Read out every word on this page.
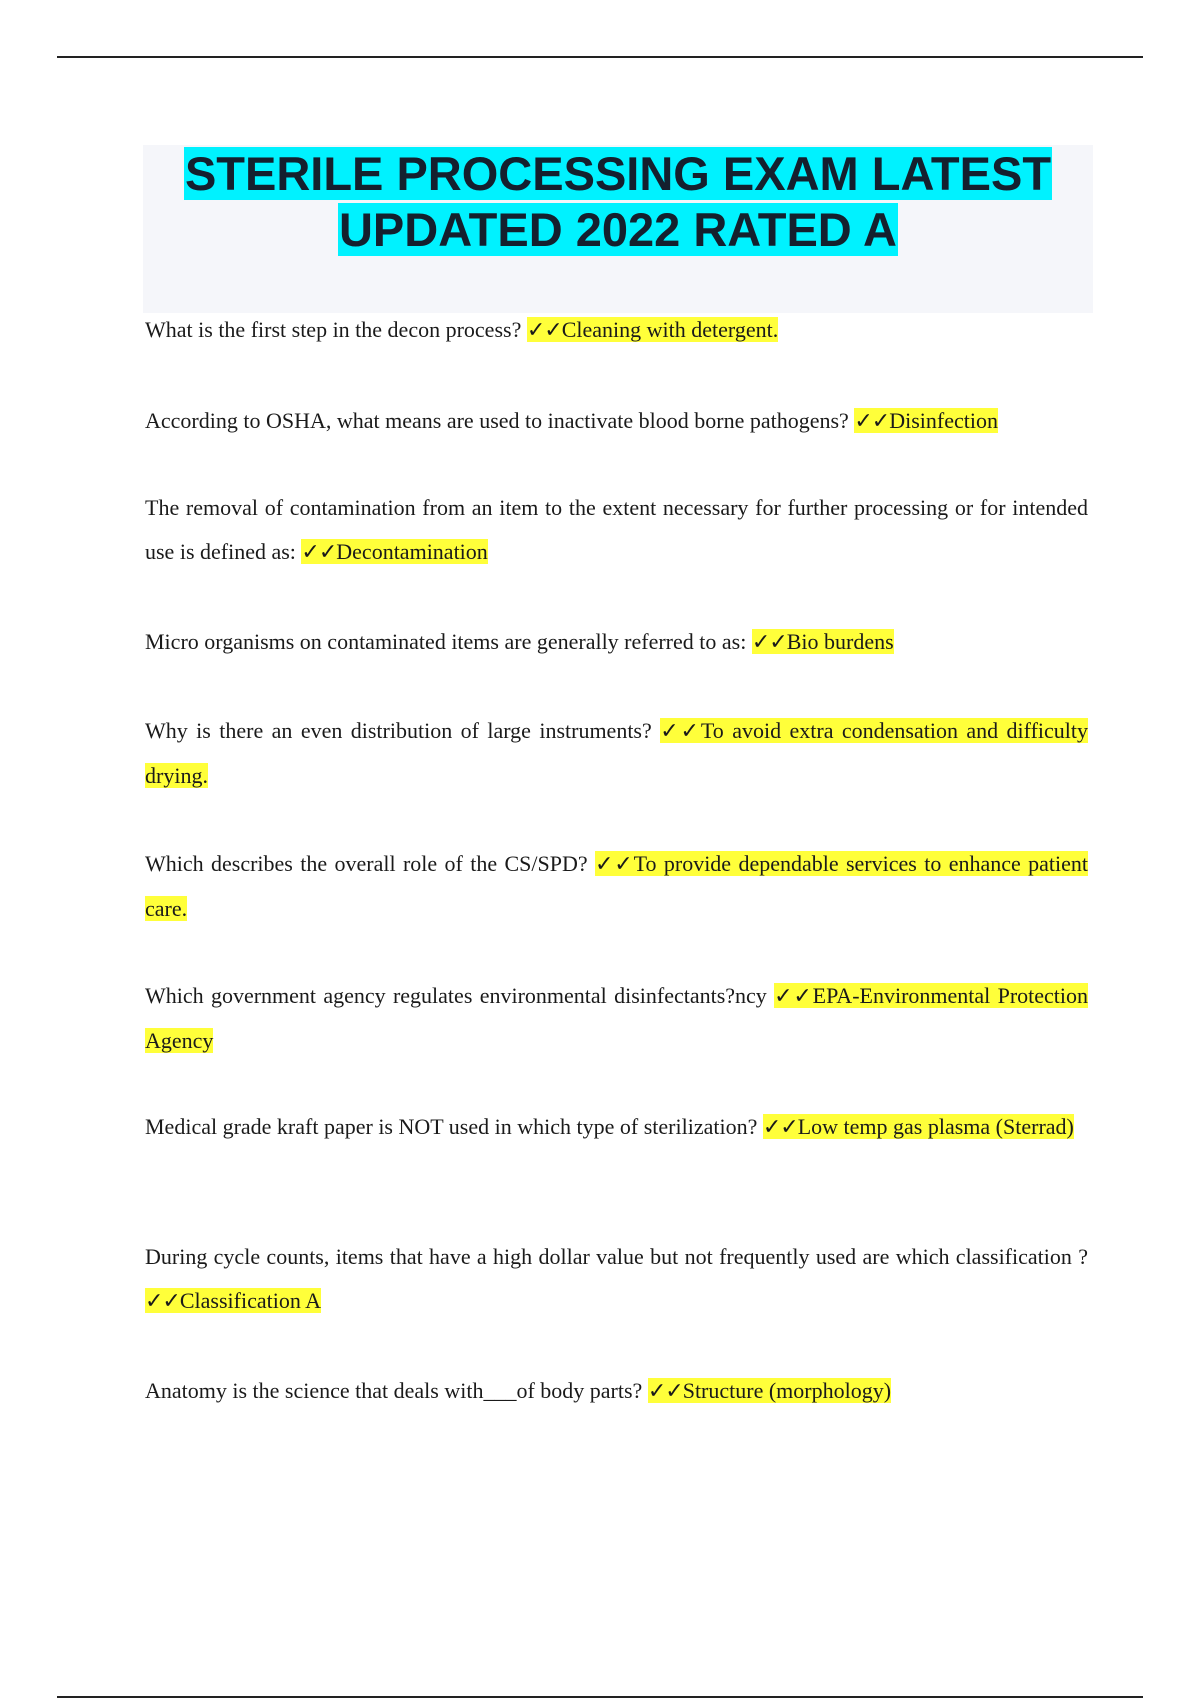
STERILE PROCESSING EXAM LATEST UPDATED 2022 RATED A

What is the first step in the decon process? ✓✓Cleaning with detergent.

According to OSHA, what means are used to inactivate blood borne pathogens? ✓✓Disinfection

The removal of contamination from an item to the extent necessary for further processing or for intended use is defined as: ✓✓Decontamination

Micro organisms on contaminated items are generally referred to as: ✓✓Bio burdens

Why is there an even distribution of large instruments? ✓✓To avoid extra condensation and difficulty drying.

Which describes the overall role of the CS/SPD? ✓✓To provide dependable services to enhance patient care.

Which government agency regulates environmental disinfectants?ncy ✓✓EPA-Environmental Protection Agency

Medical grade kraft paper is NOT used in which type of sterilization? ✓✓Low temp gas plasma (Sterrad)

During cycle counts, items that have a high dollar value but not frequently used are which classification ? ✓✓Classification A

Anatomy is the science that deals with___of body parts? ✓✓Structure (morphology)
